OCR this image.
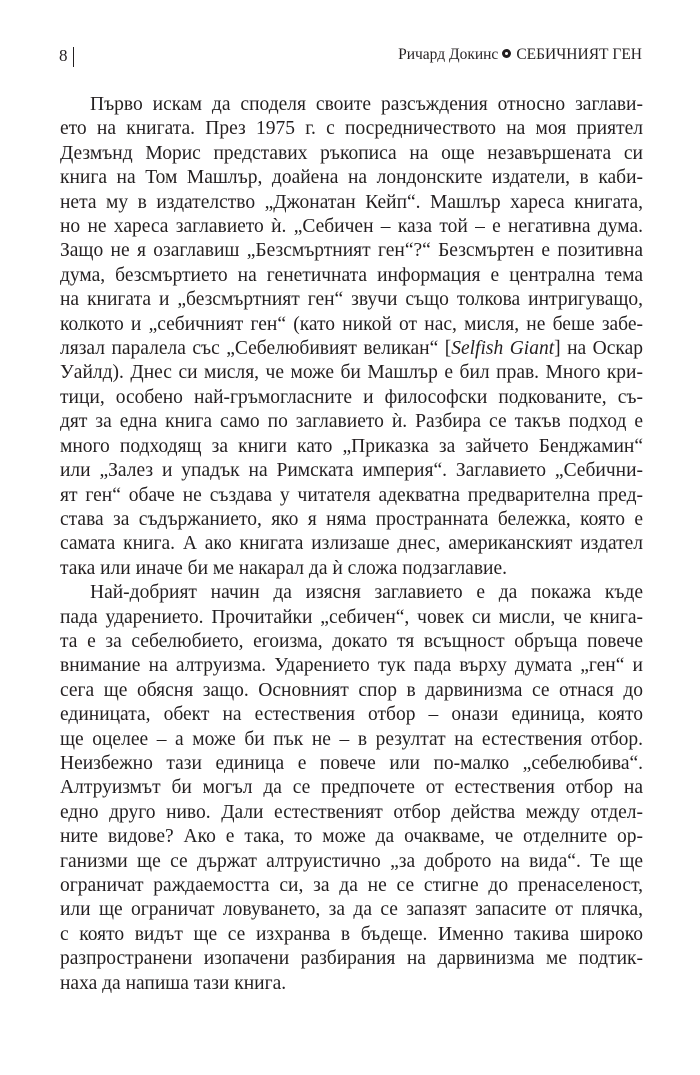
8	Ричард Докинс СЕБИЧНИЯТ ГЕН

Първо искам да споделя своите разсъждения относно заглави-
ето на книгата. През 1975 г. с посредничеството на моя приятел
Дезмънд Морис представих ръкописа на още незавършената си
книга на Том Машлър, доайена на лондонските издатели, в каби-
нета му в издателство „Джонатан Кейп“. Машлър хареса книгата,
но не хареса заглавието ѝ. „Себичен – каза той – е негативна дума.
Защо не я озаглавиш „Безсмъртният ген“?“ Безсмъртен е позитивна
дума, безсмъртието на генетичната информация е централна тема
на книгата и „безсмъртният ген“ звучи също толкова интригуващо,
колкото и „себичният ген“ (като никой от нас, мисля, не беше забе-
лязал паралела със „Себелюбивият великан“ [Selfish Giant] на Оскар
Уайлд). Днес си мисля, че може би Машлър е бил прав. Много кри-
тици, особено най-гръмогласните и философски подкованите, съ-
дят за една книга само по заглавието ѝ. Разбира се такъв подход е
много подходящ за книги като „Приказка за зайчето Бенджамин“
или „Залез и упадък на Римската империя“. Заглавието „Себични-
ят ген“ обаче не създава у читателя адекватна предварителна пред-
става за съдържанието, яко я няма пространната бележка, която е
самата книга. А ако книгата излизаше днес, американският издател
така или иначе би ме накарал да ѝ сложа подзаглавие.

Най-добрият начин да изясня заглавието е да покажа къде
пада ударението. Прочитайки „себичен“, човек си мисли, че книга-
та е за себелюбието, егоизма, докато тя всъщност обръща повече
внимание на алтруизма. Ударението тук пада върху думата „ген“ и
сега ще обясня защо. Основният спор в дарвинизма се отнася до
единицата, обект на естествения отбор – онази единица, която
ще оцелее – а може би пък не – в резултат на естествения отбор.
Неизбежно тази единица е повече или по-малко „себелюбива“.
Алтруизмът би могъл да се предпочете от естествения отбор на
едно друго ниво. Дали естественият отбор действа между отдел-
ните видове? Ако е така, то може да очакваме, че отделните ор-
ганизми ще се държат алтруистично „за доброто на вида“. Те ще
ограничат раждаемостта си, за да не се стигне до пренаселеност,
или ще ограничат ловуването, за да се запазят запасите от плячка,
с която видът ще се изхранва в бъдеще. Именно такива широко
разпространени изопачени разбирания на дарвинизма ме подтик-
наха да напиша тази книга.
